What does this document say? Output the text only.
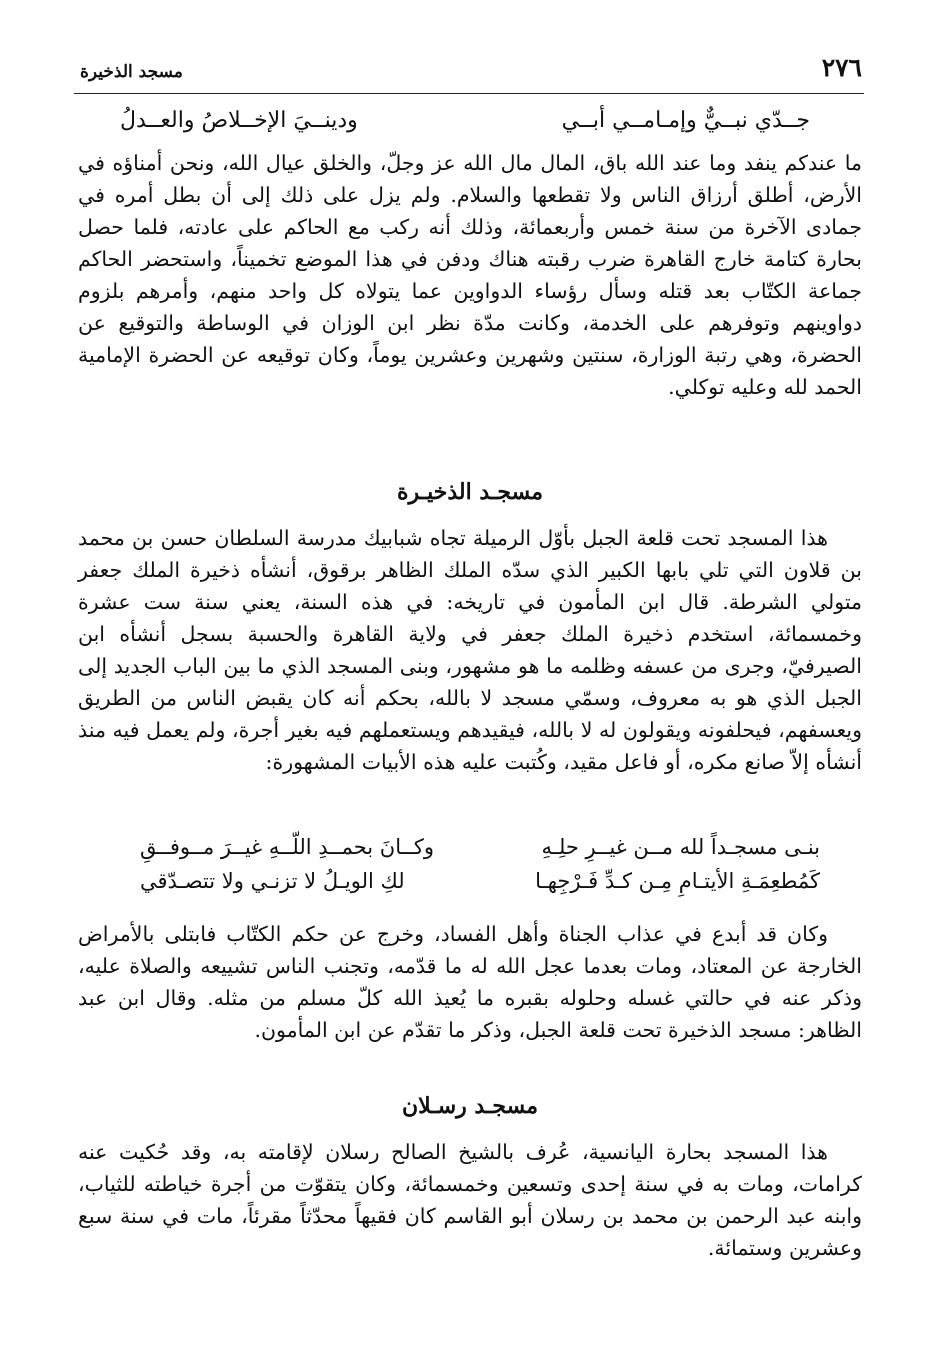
٢٧٦
مسجد الذخيرة
جــدّي نبــيٌّ وإمـامــي أبــي
ودينــيَ الإخــلاصُ والعــدلُ

ما عندكم ينفد وما عند الله باق، المال مال الله عز وجلّ، والخلق عيال الله، ونحن أمناؤه في الأرض، أطلق أرزاق الناس ولا تقطعها والسلام. ولم يزل على ذلك إلى أن بطل أمره في جمادى الآخرة من سنة خمس وأربعمائة، وذلك أنه ركب مع الحاكم على عادته، فلما حصل بحارة كتامة خارج القاهرة ضرب رقبته هناك ودفن في هذا الموضع تخميناً، واستحضر الحاكم جماعة الكتّاب بعد قتله وسأل رؤساء الدواوين عما يتولاه كل واحد منهم، وأمرهم بلزوم دواوينهم وتوفرهم على الخدمة، وكانت مدّة نظر ابن الوزان في الوساطة والتوقيع عن الحضرة، وهي رتبة الوزارة، سنتين وشهرين وعشرين يوماً، وكان توقيعه عن الحضرة الإمامية الحمد لله وعليه توكلي.

مسجـد الذخيـرة

هذا المسجد تحت قلعة الجبل بأوّل الرميلة تجاه شبابيك مدرسة السلطان حسن بن محمد بن قلاون التي تلي بابها الكبير الذي سدّه الملك الظاهر برقوق، أنشأه ذخيرة الملك جعفر متولي الشرطة. قال ابن المأمون في تاريخه: في هذه السنة، يعني سنة ست عشرة وخمسمائة، استخدم ذخيرة الملك جعفر في ولاية القاهرة والحسبة بسجل أنشأه ابن الصيرفيّ، وجرى من عسفه وظلمه ما هو مشهور، وبنى المسجد الذي ما بين الباب الجديد إلى الجبل الذي هو به معروف، وسمّي مسجد لا بالله، بحكم أنه كان يقبض الناس من الطريق ويعسفهم، فيحلفونه ويقولون له لا بالله، فيقيدهم ويستعملهم فيه بغير أجرة، ولم يعمل فيه منذ أنشأه إلاّ صانع مكره، أو فاعل مقيد، وكُتبت عليه هذه الأبيات المشهورة:

بنـى مسجـداً لله مــن غيــرِ حلِـهِ
وكــانَ بحمــدِ اللّــهِ غيــرَ مــوفــقِ
كَمُطعِمَـةِ الأيتـامِ مِـن كـدِّ فَـرْجِهـا
لكِ الويـلُ لا تزنـي ولا تتصـدّقي

وكان قد أبدع في عذاب الجناة وأهل الفساد، وخرج عن حكم الكتّاب فابتلى بالأمراض الخارجة عن المعتاد، ومات بعدما عجل الله له ما قدّمه، وتجنب الناس تشييعه والصلاة عليه، وذكر عنه في حالتي غسله وحلوله بقبره ما يُعيذ الله كلّ مسلم من مثله. وقال ابن عبد الظاهر: مسجد الذخيرة تحت قلعة الجبل، وذكر ما تقدّم عن ابن المأمون.

مسجـد رسـلان

هذا المسجد بحارة اليانسية، عُرف بالشيخ الصالح رسلان لإقامته به، وقد حُكيت عنه كرامات، ومات به في سنة إحدى وتسعين وخمسمائة، وكان يتقوّت من أجرة خياطته للثياب، وابنه عبد الرحمن بن محمد بن رسلان أبو القاسم كان فقيهاً محدّثاً مقرئاً، مات في سنة سبع وعشرين وستمائة.
